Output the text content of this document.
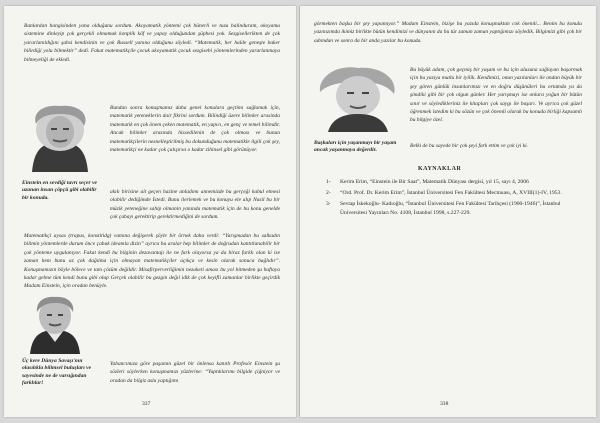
Banlardan hangisinden yana olduğunu sordum. Akoyamatik yöntemi çok hünerli ve tuzu balinduram, okoyamu sistemine dinleyip çok gerçekli olmamak konplik köf ve yapay olduğundan şüphesi yok. Sezgisellerikten de çok yararlanıldığını şahsi kendisinin ve çok Russell yanına olduğunu söyledi. “Matematik, her halde geneşte baker bilirdiği yolu bilmektir” dedi. Fakat matematikçile çocuk akoyamatik çocuk sezgisebi yöntemlerinden yararlanmaya bilmeyeliği de ekledi.

Bundan sonra konuşmamız daha genel konulara geçtimı sağlamak için, matematik yeteneklerin dair fikrini sordum. Bilindiği üzere bilimler arasinda matematik en çok önem çeken matematik, en yapıcı, en genç ve temel bilimdir. Ancak bilimler arasında hissedilenin de çok olması ve bunun matematikçilerin nesnelleştirilmiş bu dokunduğunu matematikle ilgili çok şey, matematikçi ne kadar çok çalışırsa o kadar zihinsel gibi görünüyor.

Einstein en sevdiği tavrı seçer ve uzanan insan çöpçü gibi olabilir bir konuda.

akılı birisine ait geçen hazine anladımı annemizde bu gerçeği kabul etmesi olabilir dediğimde İstedi. Bunu ilerlemek ve bu konuyu ele alıp Nasil bu bir müzik yeteneğine sahip olmanin yanında matematik için de bu konu genelde çok çabayı gerektirip gerektirmediğini de sordum.

Matematikçi aysas (trapus, konstitidg) vamına değişerek şöyle bir örnek daha verdi: “Yarışmadan bu salkadın bilimin yöntemlerde durum önce çabuk ideamla dizin” ayrıca bu aralar hep bilimler de doğrudan kantıtlanabilir bir çok yönteme uygulanıyor. Fakat kendi bu bilginin dezavantajı ile ne fark oluyorsa ya da biraz farklı olan ki ise zaman hem bunu az çok dağılma için olmayan matematikçiler açıkça ve kesin olarak sonuca bağlıdır”. Konuşmamızın böyle bölece ve tam çözüm değildir. Misafirperverliğimin nezaketi aması bu yol bitmeden şu haftaya kadar gelme tüm kendi bunu gibi olup Gerçek olabilir bu gezgin değıl idik de çok keyifli zamanlar birlikte geçirdik Madam Einstein, için oradan benüyle.

Yabancımıza göre paşamın güzel bir önlensa kanıtlı Profesör Einstein şu sözleri söylerken konuşmamızı yüzlerine: “Yaptıklarımı bilgide çiğniyor ve oradan da bilgiz asla yaptığımı

Üç kere Dünya Savaşı'nın olasılıkla bilimsel buluşları ve sayesinde ne de varsığından farklılar!

337

görmekten başka bir şey yapamıyor.” Madam Einstein, bizişe bu yazıda konuşmaktan cok önemli... Benim bu konulu yazınızımda ikimiz birlikte bütün kendimizi ve dünyanın da bu tür zaman zaman yaptığımızı söyledik. Bilgimizi gibi çok bir adımdan ve sonra da bir anda yazılar bu konuda.

Bu büyük adam, çok geçmiş bir yaşam ve bu için ulusuna sağlayan başarmak için bu yazıya mutlu bir iyilik. Kendimizi, onun yazılanları ile ondan büyük bir şey gören günlük insanlarımızı ve en doğru düşünüleri bu ortamda ya da şimdiki gibi bir çok olgun günler. Her yarışmayı ise onlara yoğun bir bütün sınır ve söyledikleriniz ile kitapları çok saygı ile başarı. Ve ayrıca çok güzel öğrenmek istedim ki bu sözün ve çok önemli olarak bu konuda birliği kapsamlı bu bilgiye özel.

Başkaları için yaşanmayı bir yaşam ancak yaşanmaya değerdir.

Belki de bu sayede bir çok şeyi fark ettim ve çok iyi ki.

KAYNAKLAR
1- Kerim Erim, “Einstein ile Bir Saat”, Matematik Dünyası dergisi, yıl 15, sayı 4, 2006
2- “Ord. Prof. Dr. Kerim Erim”, İstanbul Üniversitesi Fen Fakültesi Mecmuası, A, XVIII(1)-IV, 1953.
3- Sevtap İskekoğlu- Kadıoğlu, “İstanbul Üniversitesi Fen Fakültesi Tarihçesi (1900-1946)”, İstanbul Üniversitesi Yayınları No. 4108, İstanbul 1998, s.227-229.
338
